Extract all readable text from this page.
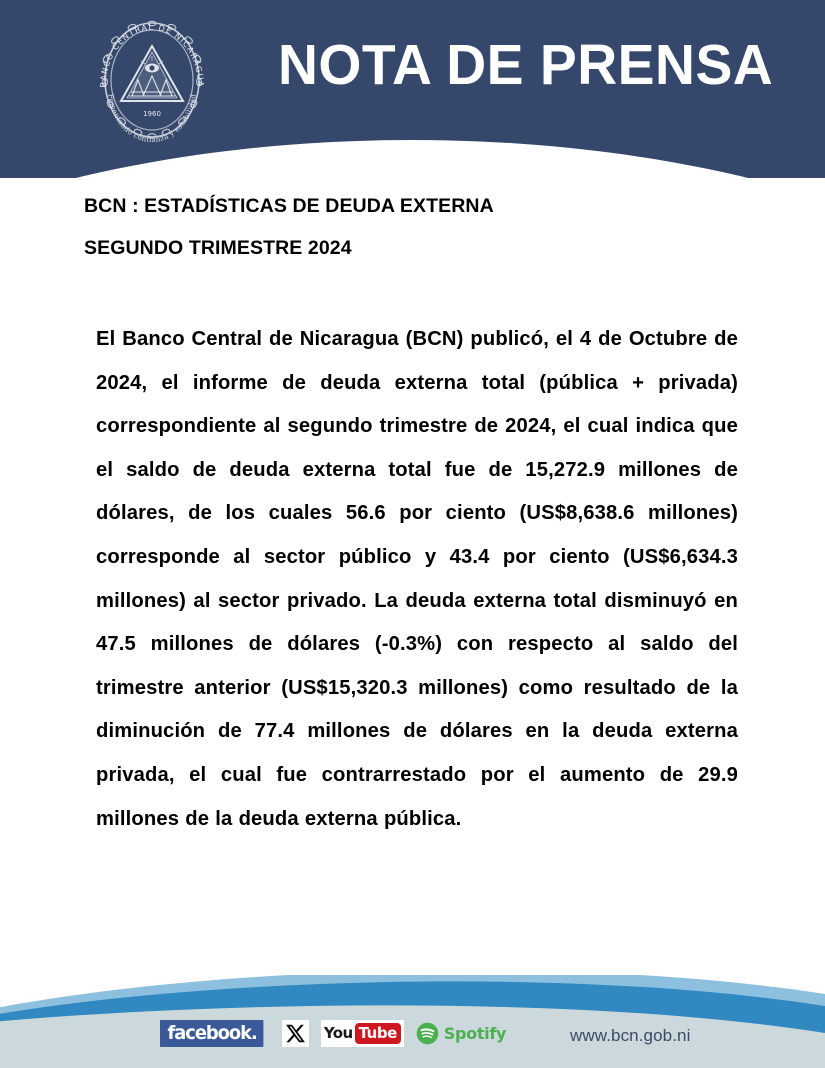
BANCO CENTRAL DE NICARAGUA
Fomentando confianza y estabilidad
1960
NOTA DE PRENSA
BCN : ESTADÍSTICAS DE DEUDA EXTERNA
SEGUNDO TRIMESTRE 2024

El Banco Central de Nicaragua (BCN) publicó, el 4 de Octubre de 2024, el informe de deuda externa total (pública + privada) correspondiente al segundo trimestre de 2024, el cual indica que el saldo de deuda externa total fue de 15,272.9 millones de dólares, de los cuales 56.6 por ciento (US$8,638.6 millones) corresponde al sector público y 43.4 por ciento (US$6,634.3 millones) al sector privado. La deuda externa total disminuyó en 47.5 millones de dólares (-0.3%) con respecto al saldo del trimestre anterior (US$15,320.3 millones) como resultado de la diminución de 77.4 millones de dólares en la deuda externa privada, el cual fue contrarrestado por el aumento de 29.9 millones de la deuda externa pública.

facebook.	You Tube	Spotify	www.bcn.gob.ni
